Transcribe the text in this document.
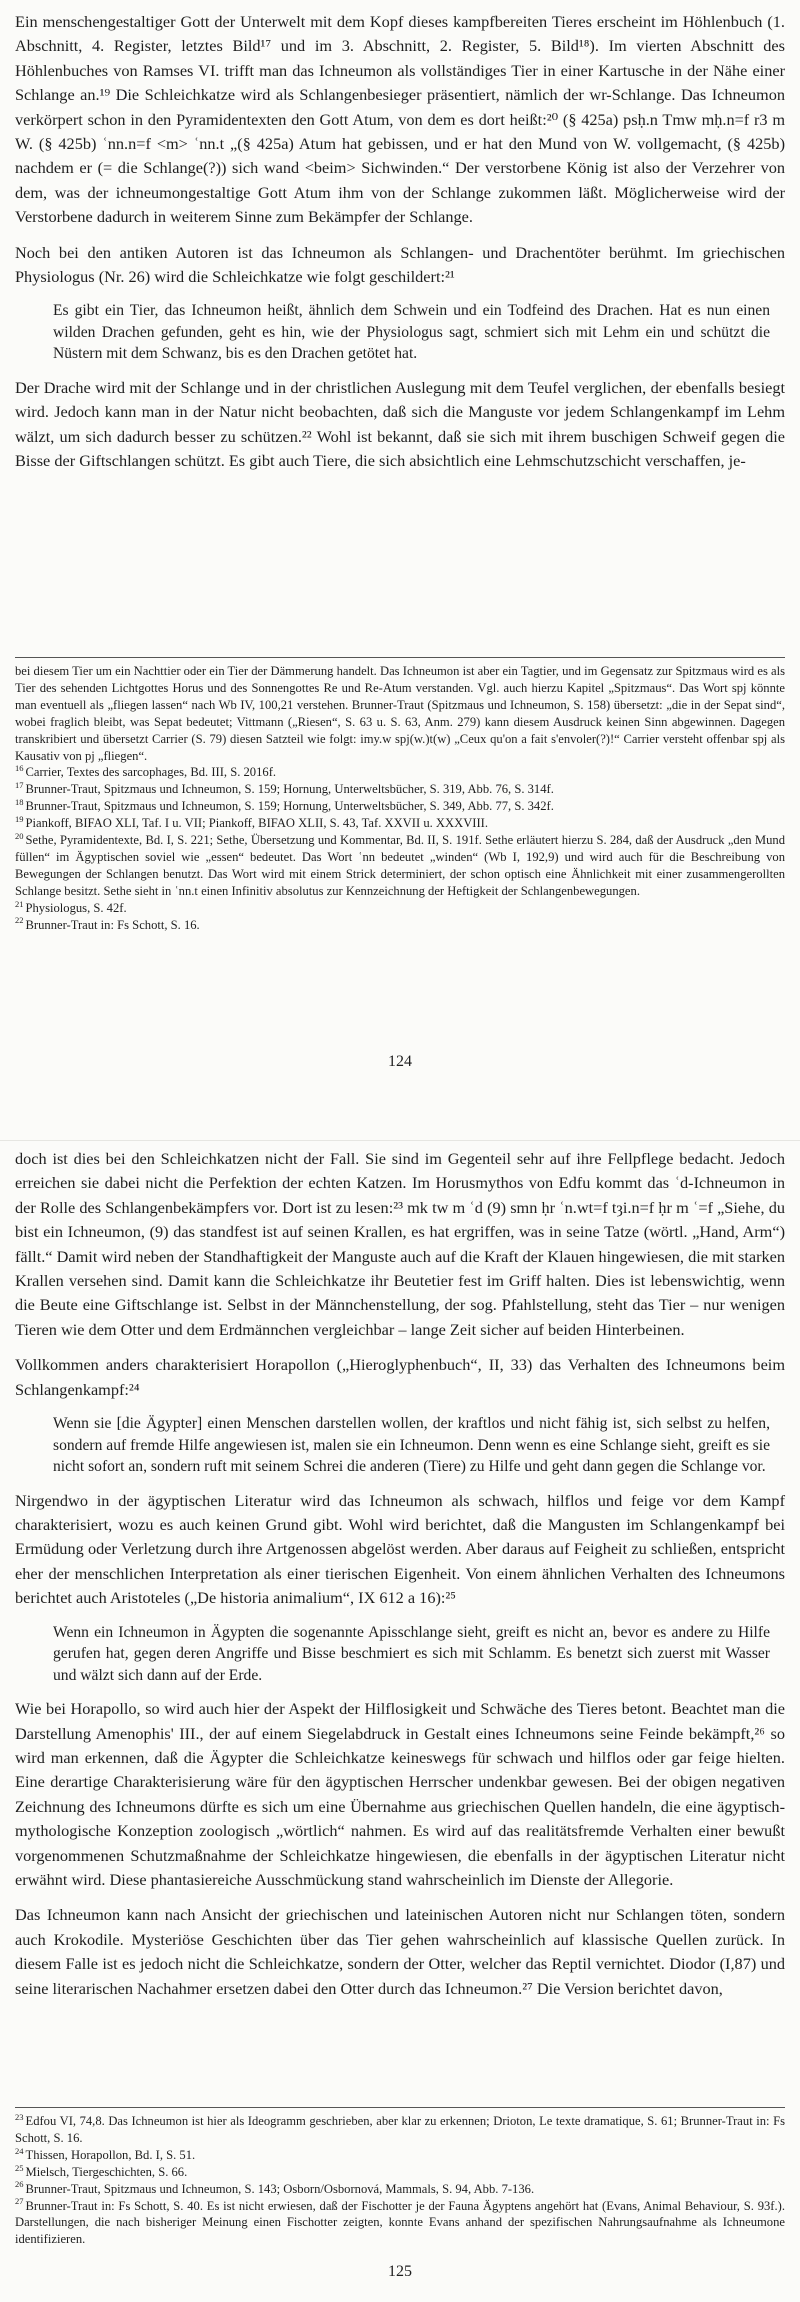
Ein menschengestaltiger Gott der Unterwelt mit dem Kopf dieses kampfbereiten Tieres erscheint im Höhlenbuch (1. Abschnitt, 4. Register, letztes Bild¹⁷ und im 3. Abschnitt, 2. Register, 5. Bild¹⁸). Im vierten Abschnitt des Höhlenbuches von Ramses VI. trifft man das Ichneumon als vollständiges Tier in einer Kartusche in der Nähe einer Schlange an.¹⁹ Die Schleichkatze wird als Schlangenbesieger präsentiert, nämlich der wr-Schlange. Das Ichneumon verkörpert schon in den Pyramidentexten den Gott Atum, von dem es dort heißt:²⁰ (§ 425a) psḥ.n Tmw mḥ.n=f r3 m W. (§ 425b) ʿnn.n=f <m> ʿnn.t „(§ 425a) Atum hat gebissen, und er hat den Mund von W. vollgemacht, (§ 425b) nachdem er (= die Schlange(?)) sich wand <beim> Sichwinden.“ Der verstorbene König ist also der Verzehrer von dem, was der ichneumongestaltige Gott Atum ihm von der Schlange zukommen läßt. Möglicherweise wird der Verstorbene dadurch in weiterem Sinne zum Bekämpfer der Schlange.

Noch bei den antiken Autoren ist das Ichneumon als Schlangen- und Drachentöter berühmt. Im griechischen Physiologus (Nr. 26) wird die Schleichkatze wie folgt geschildert:²¹

Es gibt ein Tier, das Ichneumon heißt, ähnlich dem Schwein und ein Todfeind des Drachen. Hat es nun einen wilden Drachen gefunden, geht es hin, wie der Physiologus sagt, schmiert sich mit Lehm ein und schützt die Nüstern mit dem Schwanz, bis es den Drachen getötet hat.

Der Drache wird mit der Schlange und in der christlichen Auslegung mit dem Teufel verglichen, der ebenfalls besiegt wird. Jedoch kann man in der Natur nicht beobachten, daß sich die Manguste vor jedem Schlangenkampf im Lehm wälzt, um sich dadurch besser zu schützen.²² Wohl ist bekannt, daß sie sich mit ihrem buschigen Schweif gegen die Bisse der Giftschlangen schützt. Es gibt auch Tiere, die sich absichtlich eine Lehmschutzschicht verschaffen, je-

bei diesem Tier um ein Nachttier oder ein Tier der Dämmerung handelt. Das Ichneumon ist aber ein Tagtier, und im Gegensatz zur Spitzmaus wird es als Tier des sehenden Lichtgottes Horus und des Sonnengottes Re und Re-Atum verstanden. Vgl. auch hierzu Kapitel „Spitzmaus“. Das Wort spj könnte man eventuell als „fliegen lassen“ nach Wb IV, 100,21 verstehen. Brunner-Traut (Spitzmaus und Ichneumon, S. 158) übersetzt: „die in der Sepat sind“, wobei fraglich bleibt, was Sepat bedeutet; Vittmann („Riesen“, S. 63 u. S. 63, Anm. 279) kann diesem Ausdruck keinen Sinn abgewinnen. Dagegen transkribiert und übersetzt Carrier (S. 79) diesen Satzteil wie folgt: imy.w spj(w.)t(w) „Ceux qu'on a fait s'envoler(?)!“ Carrier versteht offenbar spj als Kausativ von pj „fliegen“.

$^{16}$ Carrier, Textes des sarcophages, Bd. III, S. 2016f.

$^{17}$ Brunner-Traut, Spitzmaus und Ichneumon, S. 159; Hornung, Unterweltsbücher, S. 319, Abb. 76, S. 314f.

$^{18}$ Brunner-Traut, Spitzmaus und Ichneumon, S. 159; Hornung, Unterweltsbücher, S. 349, Abb. 77, S. 342f.

$^{19}$ Piankoff, BIFAO XLI, Taf. I u. VII; Piankoff, BIFAO XLII, S. 43, Taf. XXVII u. XXXVIII.

$^{20}$ Sethe, Pyramidentexte, Bd. I, S. 221; Sethe, Übersetzung und Kommentar, Bd. II, S. 191f. Sethe erläutert hierzu S. 284, daß der Ausdruck „den Mund füllen“ im Ägyptischen soviel wie „essen“ bedeutet. Das Wort ʿnn bedeutet „winden“ (Wb I, 192,9) und wird auch für die Beschreibung von Bewegungen der Schlangen benutzt. Das Wort wird mit einem Strick determiniert, der schon optisch eine Ähnlichkeit mit einer zusammengerollten Schlange besitzt. Sethe sieht in ʿnn.t einen Infinitiv absolutus zur Kennzeichnung der Heftigkeit der Schlangenbewegungen.

$^{21}$ Physiologus, S. 42f.

$^{22}$ Brunner-Traut in: Fs Schott, S. 16.

124

doch ist dies bei den Schleichkatzen nicht der Fall. Sie sind im Gegenteil sehr auf ihre Fellpflege bedacht. Jedoch erreichen sie dabei nicht die Perfektion der echten Katzen. Im Horusmythos von Edfu kommt das ʿd-Ichneumon in der Rolle des Schlangenbekämpfers vor. Dort ist zu lesen:²³ mk tw m ʿd (9) smn ḥr ʿn.wt=f tȝi.n=f ḥr m ʿ=f „Siehe, du bist ein Ichneumon, (9) das standfest ist auf seinen Krallen, es hat ergriffen, was in seine Tatze (wörtl. „Hand, Arm“) fällt.“ Damit wird neben der Standhaftigkeit der Manguste auch auf die Kraft der Klauen hingewiesen, die mit starken Krallen versehen sind. Damit kann die Schleichkatze ihr Beutetier fest im Griff halten. Dies ist lebenswichtig, wenn die Beute eine Giftschlange ist. Selbst in der Männchenstellung, der sog. Pfahlstellung, steht das Tier – nur wenigen Tieren wie dem Otter und dem Erdmännchen vergleichbar – lange Zeit sicher auf beiden Hinterbeinen.

Vollkommen anders charakterisiert Horapollon („Hieroglyphenbuch“, II, 33) das Verhalten des Ichneumons beim Schlangenkampf:²⁴

Wenn sie [die Ägypter] einen Menschen darstellen wollen, der kraftlos und nicht fähig ist, sich selbst zu helfen, sondern auf fremde Hilfe angewiesen ist, malen sie ein Ichneumon. Denn wenn es eine Schlange sieht, greift es sie nicht sofort an, sondern ruft mit seinem Schrei die anderen (Tiere) zu Hilfe und geht dann gegen die Schlange vor.

Nirgendwo in der ägyptischen Literatur wird das Ichneumon als schwach, hilflos und feige vor dem Kampf charakterisiert, wozu es auch keinen Grund gibt. Wohl wird berichtet, daß die Mangusten im Schlangenkampf bei Ermüdung oder Verletzung durch ihre Artgenossen abgelöst werden. Aber daraus auf Feigheit zu schließen, entspricht eher der menschlichen Interpretation als einer tierischen Eigenheit. Von einem ähnlichen Verhalten des Ichneumons berichtet auch Aristoteles („De historia animalium“, IX 612 a 16):²⁵

Wenn ein Ichneumon in Ägypten die sogenannte Apisschlange sieht, greift es nicht an, bevor es andere zu Hilfe gerufen hat, gegen deren Angriffe und Bisse beschmiert es sich mit Schlamm. Es benetzt sich zuerst mit Wasser und wälzt sich dann auf der Erde.

Wie bei Horapollo, so wird auch hier der Aspekt der Hilflosigkeit und Schwäche des Tieres betont. Beachtet man die Darstellung Amenophis' III., der auf einem Siegelabdruck in Gestalt eines Ichneumons seine Feinde bekämpft,²⁶ so wird man erkennen, daß die Ägypter die Schleichkatze keineswegs für schwach und hilflos oder gar feige hielten. Eine derartige Charakterisierung wäre für den ägyptischen Herrscher undenkbar gewesen. Bei der obigen negativen Zeichnung des Ichneumons dürfte es sich um eine Übernahme aus griechischen Quellen handeln, die eine ägyptisch-mythologische Konzeption zoologisch „wörtlich“ nahmen. Es wird auf das realitätsfremde Verhalten einer bewußt vorgenommenen Schutzmaßnahme der Schleichkatze hingewiesen, die ebenfalls in der ägyptischen Literatur nicht erwähnt wird. Diese phantasiereiche Ausschmückung stand wahrscheinlich im Dienste der Allegorie.

Das Ichneumon kann nach Ansicht der griechischen und lateinischen Autoren nicht nur Schlangen töten, sondern auch Krokodile. Mysteriöse Geschichten über das Tier gehen wahrscheinlich auf klassische Quellen zurück. In diesem Falle ist es jedoch nicht die Schleichkatze, sondern der Otter, welcher das Reptil vernichtet. Diodor (I,87) und seine literarischen Nachahmer ersetzen dabei den Otter durch das Ichneumon.²⁷ Die Version berichtet davon,

$^{23}$ Edfou VI, 74,8. Das Ichneumon ist hier als Ideogramm geschrieben, aber klar zu erkennen; Drioton, Le texte dramatique, S. 61; Brunner-Traut in: Fs Schott, S. 16.

$^{24}$ Thissen, Horapollon, Bd. I, S. 51.

$^{25}$ Mielsch, Tiergeschichten, S. 66.

$^{26}$ Brunner-Traut, Spitzmaus und Ichneumon, S. 143; Osborn/Osbornová, Mammals, S. 94, Abb. 7-136.

$^{27}$ Brunner-Traut in: Fs Schott, S. 40. Es ist nicht erwiesen, daß der Fischotter je der Fauna Ägyptens angehört hat (Evans, Animal Behaviour, S. 93f.). Darstellungen, die nach bisheriger Meinung einen Fischotter zeigten, konnte Evans anhand der spezifischen Nahrungsaufnahme als Ichneumone identifizieren.

125
